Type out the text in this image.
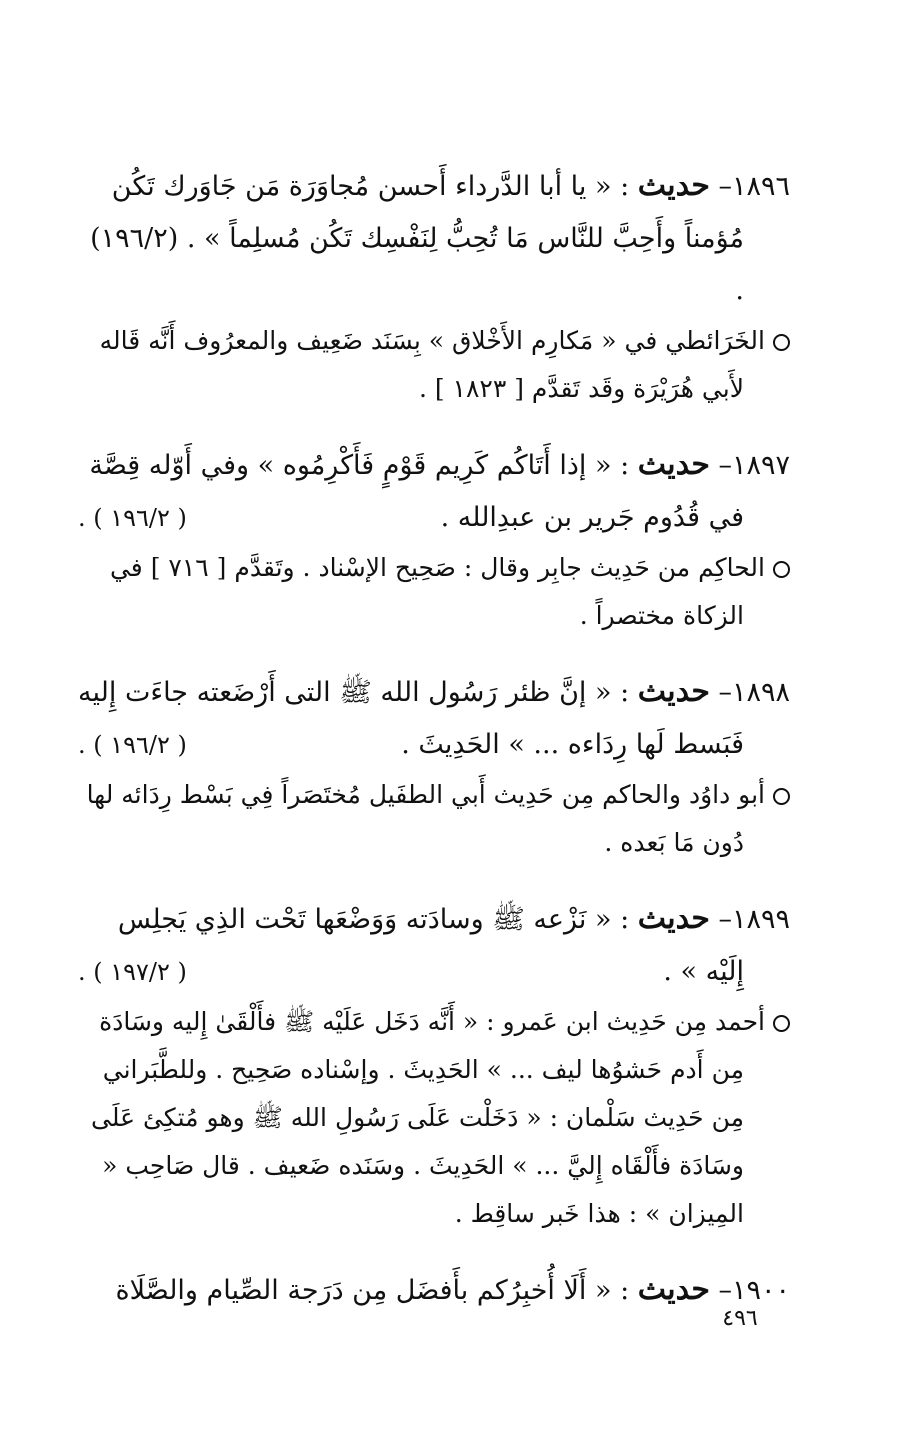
١٨٩٦– حديث : « يا أبا الدَّرداء أَحسن مُجاوَرَة مَن جَاوَرك تَكُن
مُؤمناً وأَحِبَّ للنَّاس مَا تُحِبُّ لِنَفْسِك تَكُن مُسلِماً » . (١٩٦/٢) .
الخَرَائطي في « مَكارِم الأَخْلاق » بِسَنَد ضَعِيف والمعرُوف أَنَّه قَاله
لأَبي هُرَيْرَة وقَد تَقدَّم [ ١٨٢٣ ] .
١٨٩٧– حديث : « إذا أَتَاكُم كَرِيم قَوْمٍ فَأَكْرِمُوه » وفي أَوّله قِصَّة
في قُدُوم جَرير بن عبدِالله .
( ١٩٦/٢ ) .
الحاكِم من حَدِيث جابِر وقال : صَحِيح الإسْناد . وتَقدَّم [ ٧١٦ ] في
الزكاة مختصراً .
١٨٩٨– حديث : « إنَّ ظئر رَسُول الله ﷺ التى أَرْضَعته جاءَت إِليه
فَبَسط لَها رِدَاءه ... » الحَدِيثَ .
( ١٩٦/٢ ) .
أبو داوُد والحاكم مِن حَدِيث أَبي الطفَيل مُختَصَراً فِي بَسْط رِدَائه لها
دُون مَا بَعده .
١٨٩٩– حديث : « نَزْعه ﷺ وسادَته وَوَضْعَها تَحْت الذِي يَجلِس
إِلَيْه » .
( ١٩٧/٢ ) .
أحمد مِن حَدِيث ابن عَمرو : « أَنَّه دَخَل عَلَيْه ﷺ فأَلْقَىٰ إِليه وسَادَة
مِن أَدم حَشوُها ليف ... » الحَدِيثَ . وإسْناده صَحِيح . وللطَّبَراني مِن حَدِيث سَلْمان : « دَخَلْت عَلَى رَسُولِ الله ﷺ وهو مُتكِئ عَلَى وسَادَة فأَلْقَاه إِليَّ ... » الحَدِيثَ . وسَنَده ضَعيف . قال صَاحِب « المِيزان » : هذا خَبر ساقِط .
١٩٠٠– حديث : « أَلَا أُخبِرُكم بأَفضَل مِن دَرَجة الصِّيام والصَّلَاة
٤٩٦
